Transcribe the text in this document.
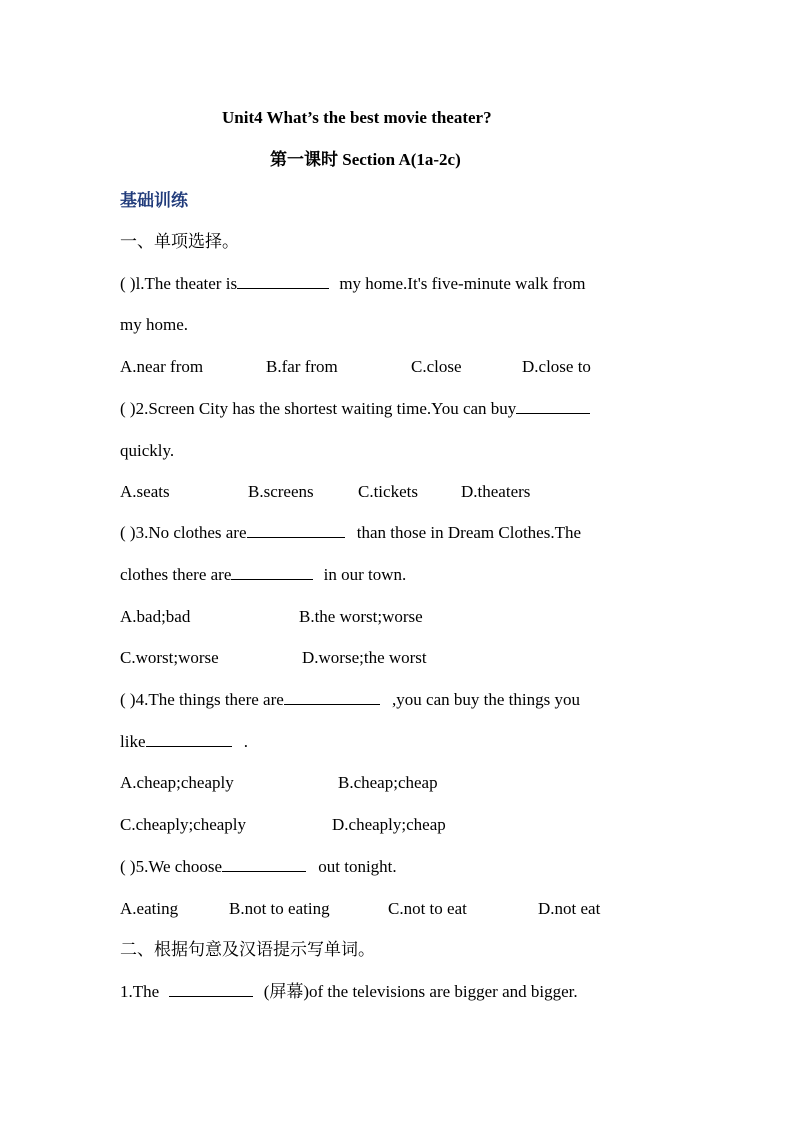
Unit4 What’s the best movie theater?
第一课时 Section A(1a-2c)
基础训练
一、单项选择。
( )l.The theater is	my home.It's five-minute walk from
my home.
A.near from	B.far from	C.close	D.close to
( )2.Screen City has the shortest waiting time.You can buy
quickly.
A.seats	B.screens	C.tickets	D.theaters
( )3.No clothes are	than those in Dream Clothes.The
clothes there are	in our town.
A.bad;bad	B.the worst;worse
C.worst;worse	D.worse;the worst
( )4.The things there are	,you can buy the things you
like	.
A.cheap;cheaply	B.cheap;cheap
C.cheaply;cheaply	D.cheaply;cheap
( )5.We choose	out tonight.
A.eating	B.not to eating	C.not to eat	D.not eat
二、根据句意及汉语提示写单词。
1.The	(屏幕)of the televisions are bigger and bigger.
